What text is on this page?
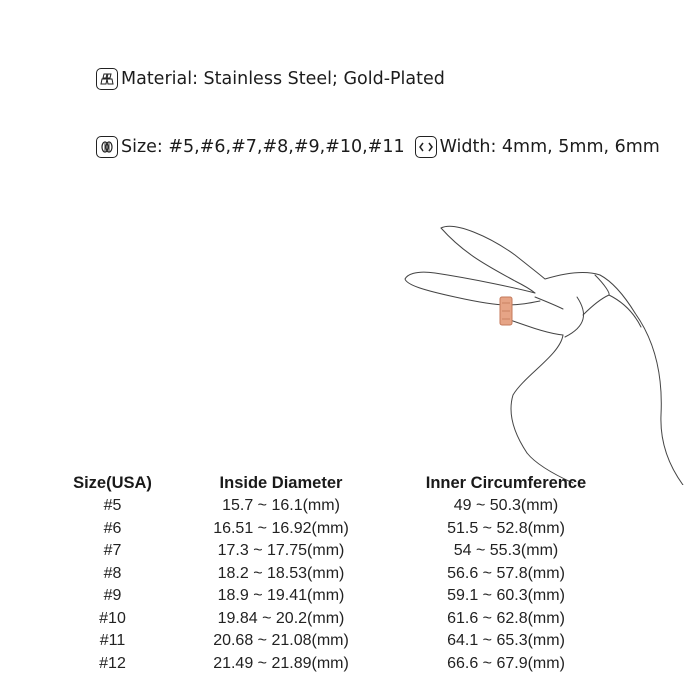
Material: Stainless Steel; Gold-Plated
Size: #5,#6,#7,#8,#9,#10,#11 Width: 4mm, 5mm, 6mm
Size(USA)	Inside Diameter	Inner Circumference
#5	15.7 ~ 16.1(mm)	49 ~ 50.3(mm)
#6	16.51 ~ 16.92(mm)	51.5 ~ 52.8(mm)
#7	17.3 ~ 17.75(mm)	54 ~ 55.3(mm)
#8	18.2 ~ 18.53(mm)	56.6 ~ 57.8(mm)
#9	18.9 ~ 19.41(mm)	59.1 ~ 60.3(mm)
#10	19.84 ~ 20.2(mm)	61.6 ~ 62.8(mm)
#11	20.68 ~ 21.08(mm)	64.1 ~ 65.3(mm)
#12	21.49 ~ 21.89(mm)	66.6 ~ 67.9(mm)
